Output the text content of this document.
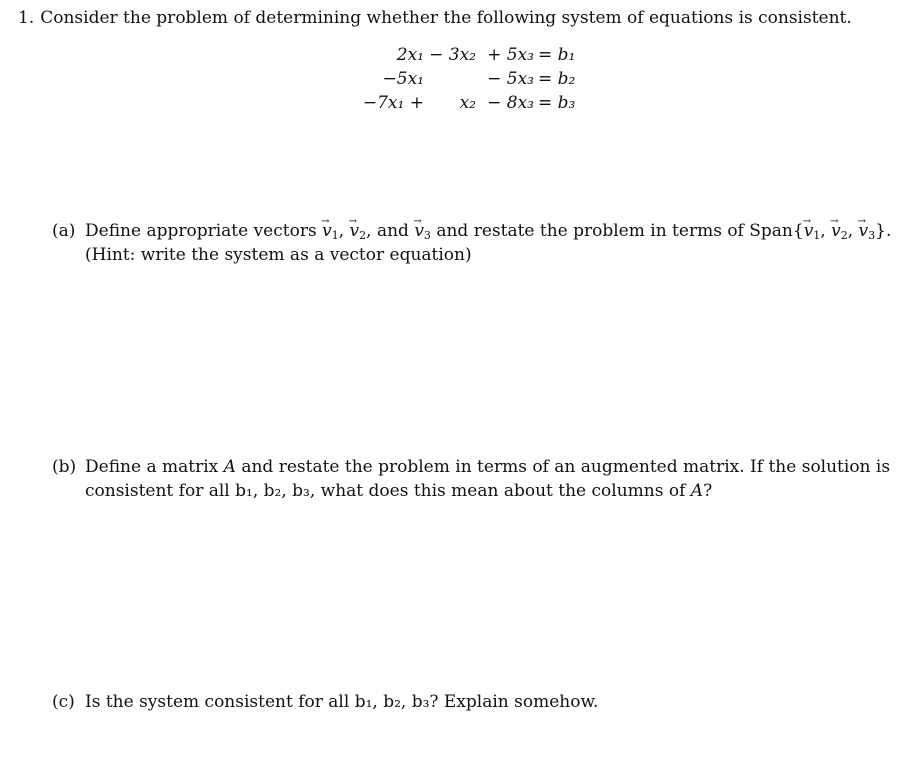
1. Consider the problem of determining whether the following system of equations is consistent.
2x₁	− 3x₂	+ 5x₃	= b₁
−5x₁		− 5x₃	= b₂
−7x₁ +	x₂	− 8x₃	= b₃
(a) Define appropriate vectors → $v_1$, → $v_2$, and → $v_3$ and restate the problem in terms of Span{→ $v_1$, → $v_2$, → $v_3$}.
(Hint: write the system as a vector equation)
(b) Define a matrix A and restate the problem in terms of an augmented matrix. If the solution is
consistent for all b₁, b₂, b₃, what does this mean about the columns of A?
(c) Is the system consistent for all b₁, b₂, b₃? Explain somehow.
